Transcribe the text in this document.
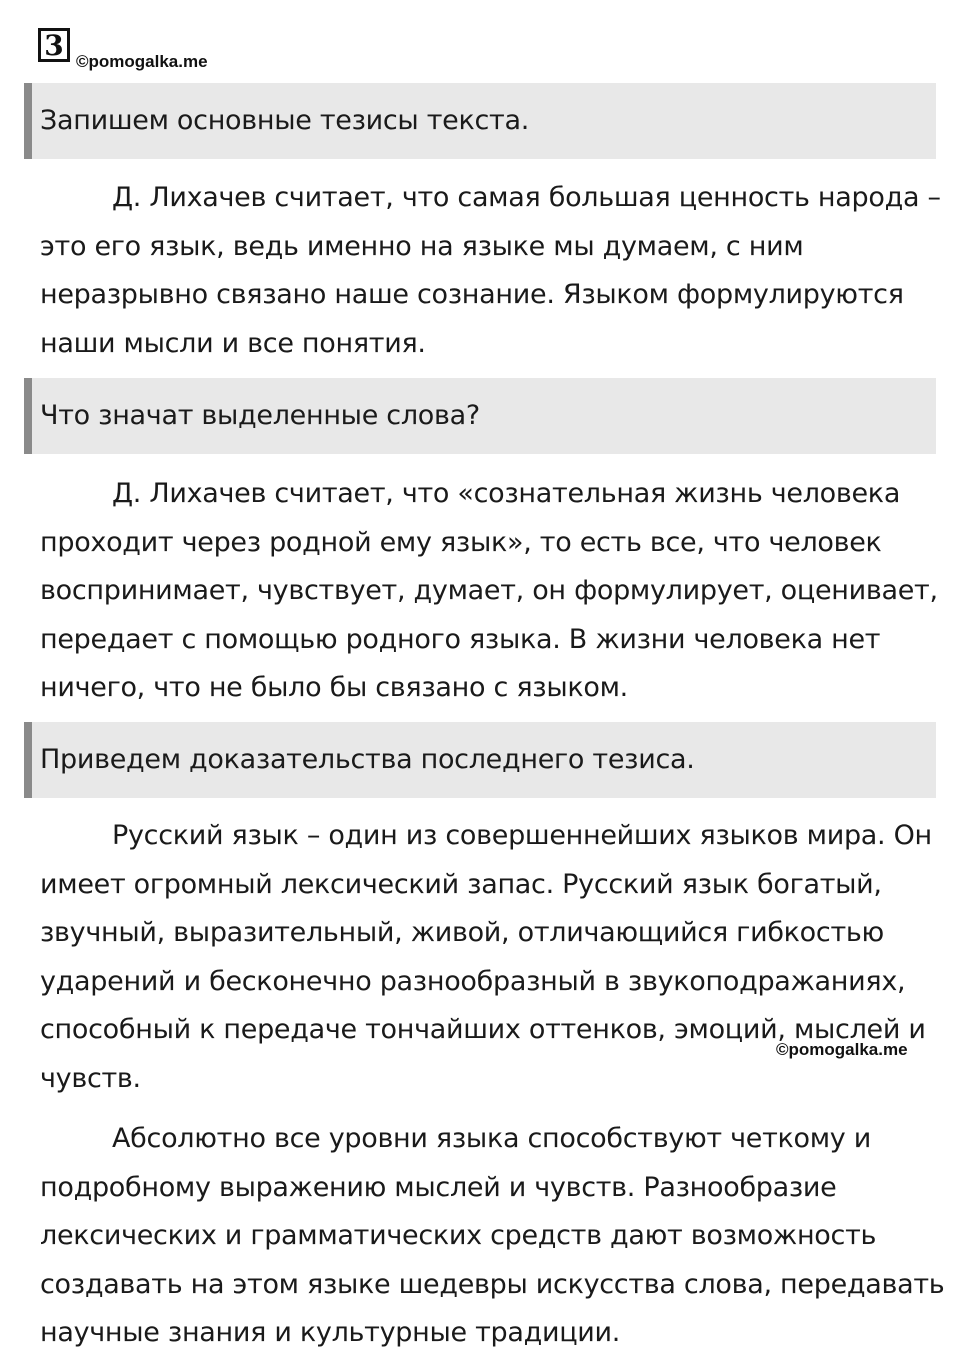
3 ©pomogalka.me
Запишем основные тезисы текста.

Д. Лихачев считает, что самая большая ценность народа – это его язык, ведь именно на языке мы думаем, с ним неразрывно связано наше сознание. Языком формулируются наши мысли и все понятия.

Что значат выделенные слова?

Д. Лихачев считает, что «сознательная жизнь человека проходит через родной ему язык», то есть все, что человек воспринимает, чувствует, думает, он формулирует, оценивает, передает с помощью родного языка. В жизни человека нет ничего, что не было бы связано с языком.

Приведем доказательства последнего тезиса.

Русский язык – один из совершеннейших языков мира. Он имеет огромный лексический запас. Русский язык богатый, звучный, выразительный, живой, отличающийся гибкостью ударений и бесконечно разнообразный в звукоподражаниях, способный к передаче тончайших оттенков, эмоций, мыслей и чувств.

©pomogalka.me

Абсолютно все уровни языка способствуют четкому и подробному выражению мыслей и чувств. Разнообразие лексических и грамматических средств дают возможность создавать на этом языке шедевры искусства слова, передавать научные знания и культурные традиции.
